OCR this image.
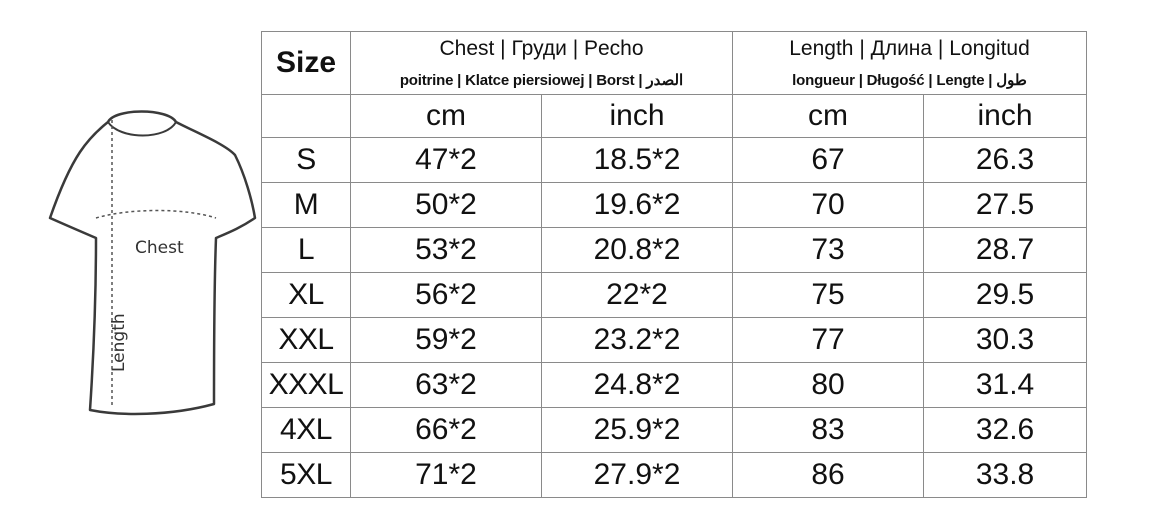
Chest
Length
Size	Chest | Груди | Pecho		Length | Длина | Longitud	
	poitrine | Klatce piersiowej | Borst | الصدر		longueur | Długość | Lengte | طول	
	cm	inch	cm	inch
S	47*2	18.5*2	67	26.3
M	50*2	19.6*2	70	27.5
L	53*2	20.8*2	73	28.7
XL	56*2	22*2	75	29.5
XXL	59*2	23.2*2	77	30.3
XXXL	63*2	24.8*2	80	31.4
4XL	66*2	25.9*2	83	32.6
5XL	71*2	27.9*2	86	33.8
